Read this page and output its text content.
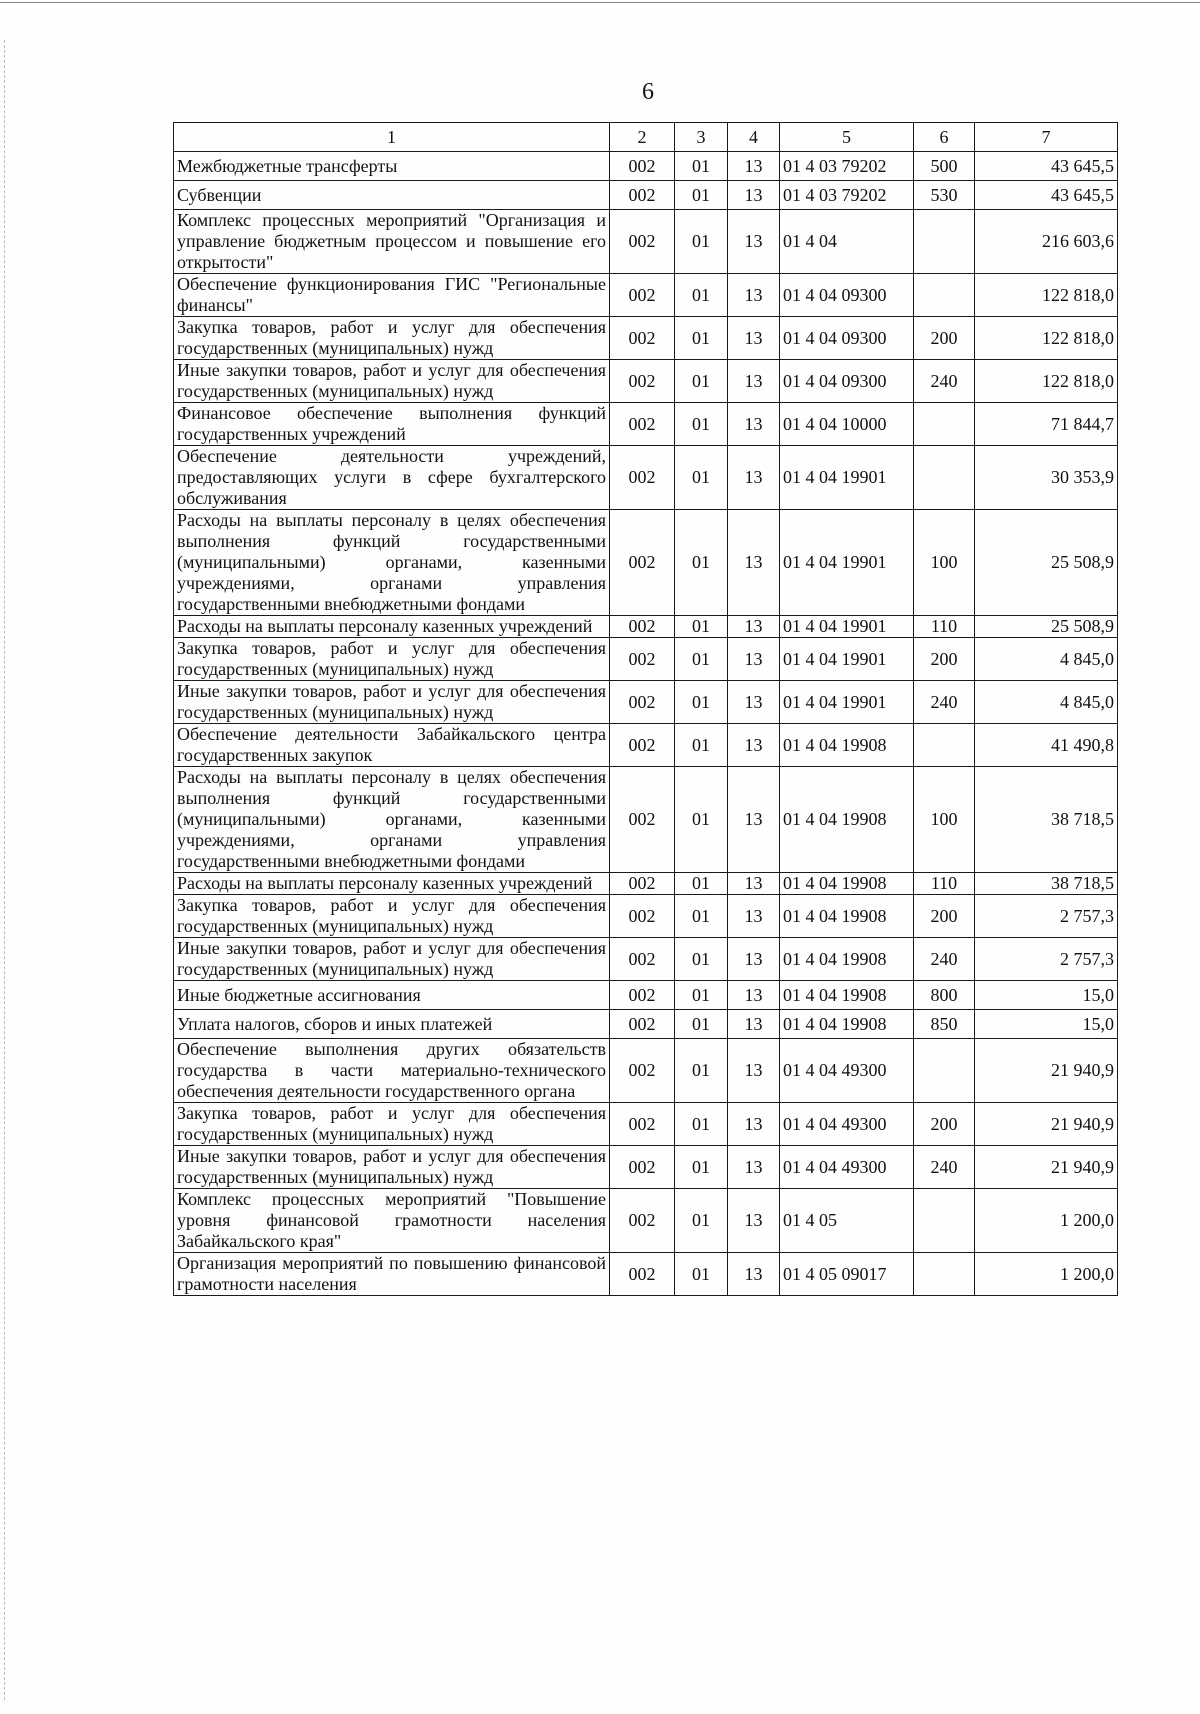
6
1	2	3	4	5	6	7
Межбюджетные трансферты	002	01	13	01 4 03 79202	500	43 645,5
Субвенции	002	01	13	01 4 03 79202	530	43 645,5
Комплекс процессных мероприятий "Организация и управление бюджетным процессом и повышение его открытости"	002	01	13	01 4 04		216 603,6
Обеспечение функционирования ГИС "Региональные финансы"	002	01	13	01 4 04 09300		122 818,0
Закупка товаров, работ и услуг для обеспечения государственных (муниципальных) нужд	002	01	13	01 4 04 09300	200	122 818,0
Иные закупки товаров, работ и услуг для обеспечения государственных (муниципальных) нужд	002	01	13	01 4 04 09300	240	122 818,0
Финансовое обеспечение выполнения функций государственных учреждений	002	01	13	01 4 04 10000		71 844,7
Обеспечение деятельности учреждений, предоставляющих услуги в сфере бухгалтерского обслуживания	002	01	13	01 4 04 19901		30 353,9
Расходы на выплаты персоналу в целях обеспечения выполнения функций государственными (муниципальными) органами, казенными учреждениями, органами управления государственными внебюджетными фондами	002	01	13	01 4 04 19901	100	25 508,9
Расходы на выплаты персоналу казенных учреждений	002	01	13	01 4 04 19901	110	25 508,9
Закупка товаров, работ и услуг для обеспечения государственных (муниципальных) нужд	002	01	13	01 4 04 19901	200	4 845,0
Иные закупки товаров, работ и услуг для обеспечения государственных (муниципальных) нужд	002	01	13	01 4 04 19901	240	4 845,0
Обеспечение деятельности Забайкальского центра государственных закупок	002	01	13	01 4 04 19908		41 490,8
Расходы на выплаты персоналу в целях обеспечения выполнения функций государственными (муниципальными) органами, казенными учреждениями, органами управления государственными внебюджетными фондами	002	01	13	01 4 04 19908	100	38 718,5
Расходы на выплаты персоналу казенных учреждений	002	01	13	01 4 04 19908	110	38 718,5
Закупка товаров, работ и услуг для обеспечения государственных (муниципальных) нужд	002	01	13	01 4 04 19908	200	2 757,3
Иные закупки товаров, работ и услуг для обеспечения государственных (муниципальных) нужд	002	01	13	01 4 04 19908	240	2 757,3
Иные бюджетные ассигнования	002	01	13	01 4 04 19908	800	15,0
Уплата налогов, сборов и иных платежей	002	01	13	01 4 04 19908	850	15,0
Обеспечение выполнения других обязательств государства в части материально-технического обеспечения деятельности государственного органа	002	01	13	01 4 04 49300		21 940,9
Закупка товаров, работ и услуг для обеспечения государственных (муниципальных) нужд	002	01	13	01 4 04 49300	200	21 940,9
Иные закупки товаров, работ и услуг для обеспечения государственных (муниципальных) нужд	002	01	13	01 4 04 49300	240	21 940,9
Комплекс процессных мероприятий "Повышение уровня финансовой грамотности населения Забайкальского края"	002	01	13	01 4 05		1 200,0
Организация мероприятий по повышению финансовой грамотности населения	002	01	13	01 4 05 09017		1 200,0
